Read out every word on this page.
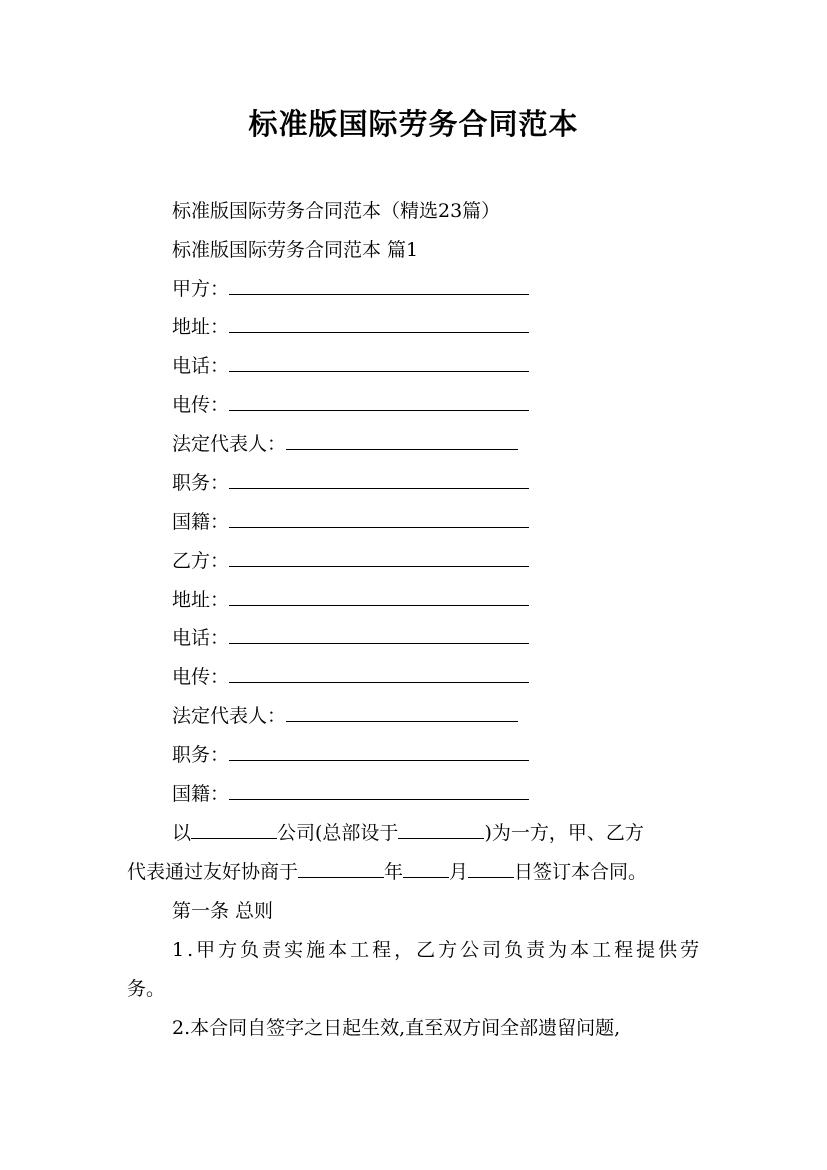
标准版国际劳务合同范本
标准版国际劳务合同范本（精选23篇）
标准版国际劳务合同范本 篇1
甲方：
地址：
电话：
电传：
法定代表人：
职务：
国籍：
乙方：
地址：
电话：
电传：
法定代表人：
职务：
国籍：
以	公司(总部设于	)为一方，甲、乙方
代表通过友好协商于	年 月 日签订本合同。
第一条 总则
1.甲方负责实施本工程，乙方公司负责为本工程提供劳
务。
2.本合同自签字之日起生效,直至双方间全部遗留问题,
